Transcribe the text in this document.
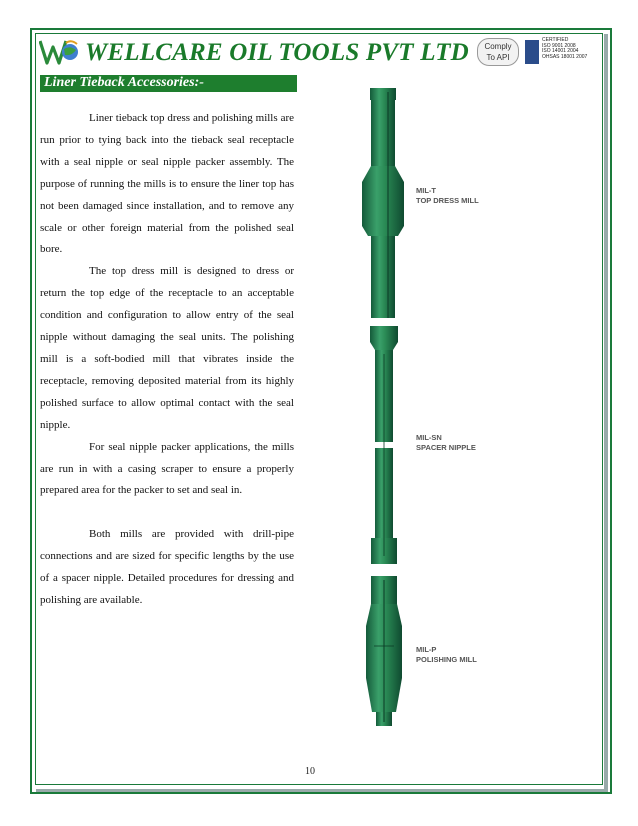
WELLCARE OIL TOOLS PVT LTD	Comply
To API
CERTIFIED
ISO 9001 2008
ISO 14001 2004
OHSAS 18001 2007
Liner Tieback Accessories:-

Liner tieback top dress and polishing mills are run prior to tying back into the tieback seal receptacle with a seal nipple or seal nipple packer assembly. The purpose of running the mills is to ensure the liner top has not been damaged since installation, and to remove any scale or other foreign material from the polished seal bore.

The top dress mill is designed to dress or return the top edge of the receptacle to an acceptable condition and configuration to allow entry of the seal nipple without damaging the seal units. The polishing mill is a soft-bodied mill that vibrates inside the receptacle, removing deposited material from its highly polished surface to allow optimal contact with the seal nipple.

For seal nipple packer applications, the mills are run in with a casing scraper to ensure a properly prepared area for the packer to set and seal in.

Both mills are provided with drill-pipe connections and are sized for specific lengths by the use of a spacer nipple. Detailed procedures for dressing and polishing are available.

MIL-T
TOP DRESS MILL
MIL-SN
SPACER NIPPLE
MIL-P
POLISHING MILL
10
